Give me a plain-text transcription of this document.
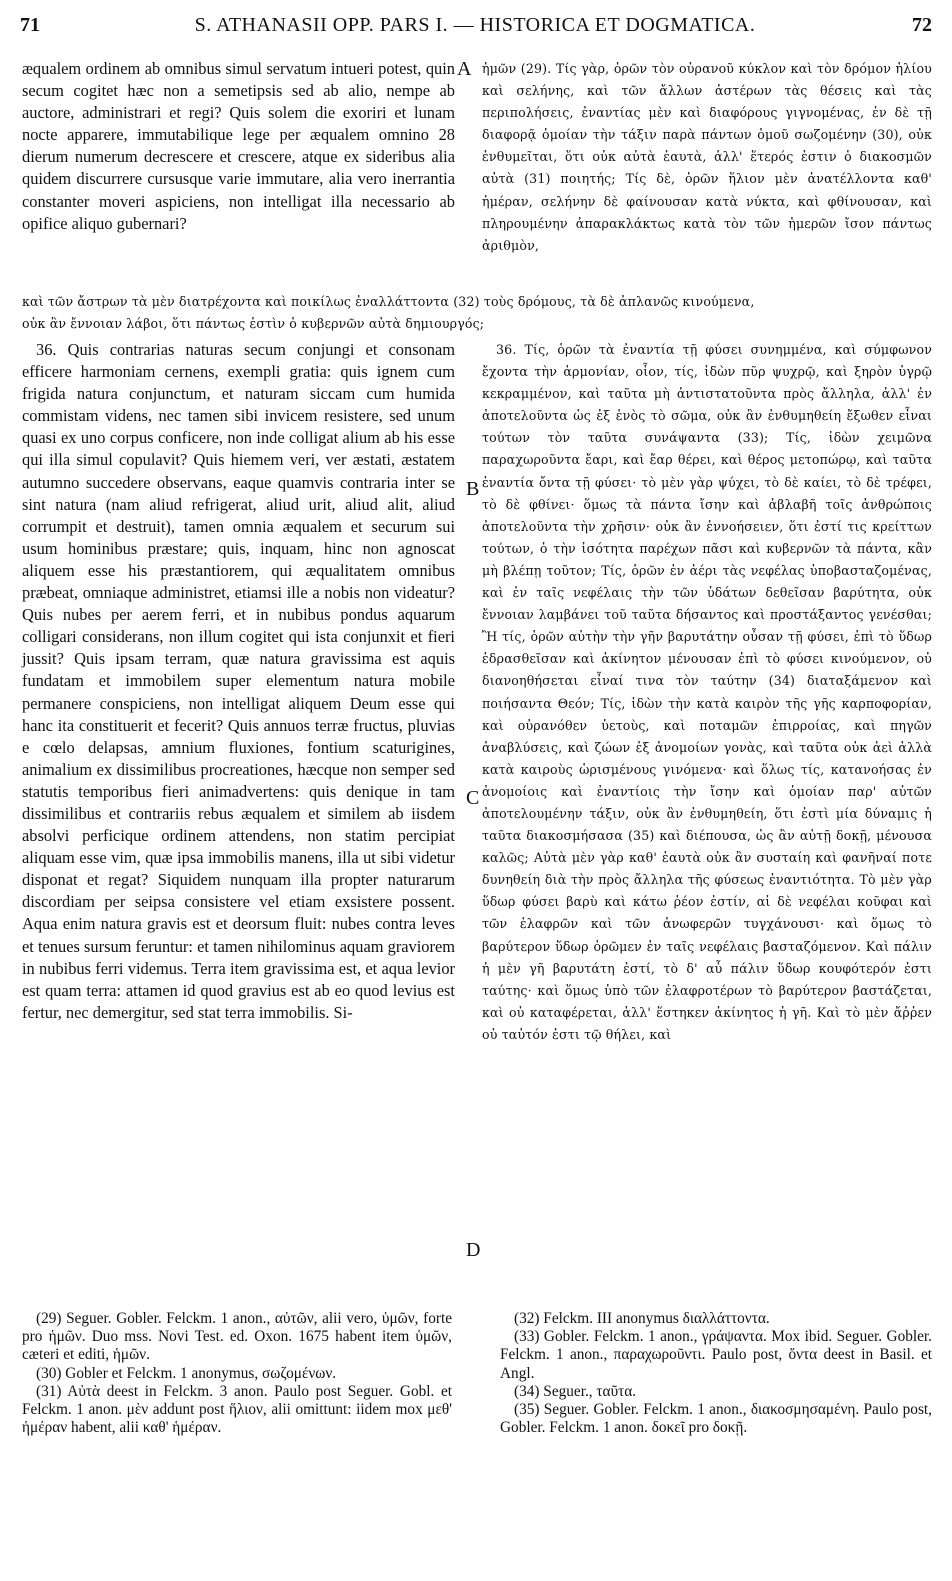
71	S. ATHANASII OPP. PARS I. — HISTORICA ET DOGMATICA.	72

æqualem ordinem ab omnibus simul servatum intueri potest, quin secum cogitet hæc non a semetipsis sed ab alio, nempe ab auctore, administrari et regi? Quis solem die exoriri et lunam nocte apparere, immutabilique lege per æqualem omnino 28 dierum numerum decrescere et crescere, atque ex sideribus alia quidem discurrere cursusque varie immutare, alia vero inerrantia constanter moveri aspiciens, non intelligat illa necessario ab opifice aliquo gubernari?

ἡμῶν (29). Τίς γὰρ, ὁρῶν τὸν οὐρανοῦ κύκλον καὶ τὸν δρόμον ἡλίου καὶ σελήνης, καὶ τῶν ἄλλων ἀστέρων τὰς θέσεις καὶ τὰς περιπολήσεις, ἐναντίας μὲν καὶ διαφόρους γιγνομένας, ἐν δὲ τῇ διαφορᾷ ὁμοίαν τὴν τάξιν παρὰ πάντων ὁμοῦ σωζομένην (30), οὐκ ἐνθυμεῖται, ὅτι οὐκ αὐτὰ ἑαυτὰ, ἀλλ' ἕτερός ἐστιν ὁ διακοσμῶν αὐτὰ (31) ποιητής; Τίς δὲ, ὁρῶν ἥλιον μὲν ἀνατέλλοντα καθ' ἡμέραν, σελήνην δὲ φαίνουσαν κατὰ νύκτα, καὶ φθίνουσαν, καὶ πληρουμένην ἀπαρακλάκτως κατὰ τὸν τῶν ἡμερῶν ἴσον πάντως ἀριθμὸν,

καὶ τῶν ἄστρων τὰ μὲν διατρέχοντα καὶ ποικίλως ἐναλλάττοντα (32) τοὺς δρόμους, τὰ δὲ ἀπλανῶς κινούμενα,
οὐκ ἂν ἔννοιαν λάβοι, ὅτι πάντως ἐστὶν ὁ κυβερνῶν αὐτὰ δημιουργός;

36. Quis contrarias naturas secum conjungi et consonam efficere harmoniam cernens, exempli gratia: quis ignem cum frigida natura conjunctum, et naturam siccam cum humida commistam videns, nec tamen sibi invicem resistere, sed unum quasi ex uno corpus conficere, non inde colligat alium ab his esse qui illa simul copulavit? Quis hiemem veri, ver æstati, æstatem autumno succedere observans, eaque quamvis contraria inter se sint natura (nam aliud refrigerat, aliud urit, aliud alit, aliud corrumpit et destruit), tamen omnia æqualem et securum sui usum hominibus præstare; quis, inquam, hinc non agnoscat aliquem esse his præstantiorem, qui æqualitatem omnibus præbeat, omniaque administret, etiamsi ille a nobis non videatur? Quis nubes per aerem ferri, et in nubibus pondus aquarum colligari considerans, non illum cogitet qui ista conjunxit et fieri jussit? Quis ipsam terram, quæ natura gravissima est aquis fundatam et immobilem super elementum natura mobile permanere conspiciens, non intelligat aliquem Deum esse qui hanc ita constituerit et fecerit? Quis annuos terræ fructus, pluvias e cœlo delapsas, amnium fluxiones, fontium scaturigines, animalium ex dissimilibus procreationes, hæcque non semper sed statutis temporibus fieri animadvertens: quis denique in tam dissimilibus et contrariis rebus æqualem et similem ab iisdem absolvi perficique ordinem attendens, non statim percipiat aliquam esse vim, quæ ipsa immobilis manens, illa ut sibi videtur disponat et regat? Siquidem nunquam illa propter naturarum discordiam per seipsa consistere vel etiam exsistere possent. Aqua enim natura gravis est et deorsum fluit: nubes contra leves et tenues sursum feruntur: et tamen nihilominus aquam graviorem in nubibus ferri videmus. Terra item gravissima est, et aqua levior est quam terra: attamen id quod gravius est ab eo quod levius est fertur, nec demergitur, sed stat terra immobilis. Si-

36. Τίς, ὁρῶν τὰ ἐναντία τῇ φύσει συνημμένα, καὶ σύμφωνον ἔχοντα τὴν ἁρμονίαν, οἷον, τίς, ἰδὼν πῦρ ψυχρῷ, καὶ ξηρὸν ὑγρῷ κεκραμμένον, καὶ ταῦτα μὴ ἀντιστατοῦντα πρὸς ἄλληλα, ἀλλ' ἐν ἀποτελοῦντα ὡς ἐξ ἑνὸς τὸ σῶμα, οὐκ ἂν ἐνθυμηθείη ἔξωθεν εἶναι τούτων τὸν ταῦτα συνάψαντα (33); Τίς, ἰδὼν χειμῶνα παραχωροῦντα ἔαρι, καὶ ἔαρ θέρει, καὶ θέρος μετοπώρῳ, καὶ ταῦτα ἐναντία ὄντα τῇ φύσει· τὸ μὲν γὰρ ψύχει, τὸ δὲ καίει, τὸ δὲ τρέφει, τὸ δὲ φθίνει· ὅμως τὰ πάντα ἴσην καὶ ἀβλαβῆ τοῖς ἀνθρώποις ἀποτελοῦντα τὴν χρῆσιν· οὐκ ἂν ἐννοήσειεν, ὅτι ἐστί τις κρείττων τούτων, ὁ τὴν ἰσότητα παρέχων πᾶσι καὶ κυβερνῶν τὰ πάντα, κἂν μὴ βλέπῃ τοῦτον; Τίς, ὁρῶν ἐν ἀέρι τὰς νεφέλας ὑποβασταζομένας, καὶ ἐν ταῖς νεφέλαις τὴν τῶν ὑδάτων δεθεῖσαν βαρύτητα, οὐκ ἔννοιαν λαμβάνει τοῦ ταῦτα δήσαντος καὶ προστάξαντος γενέσθαι; Ἢ τίς, ὁρῶν αὐτὴν τὴν γῆν βαρυτάτην οὖσαν τῇ φύσει, ἐπὶ τὸ ὕδωρ ἑδρασθεῖσαν καὶ ἀκίνητον μένουσαν ἐπὶ τὸ φύσει κινούμενον, οὐ διανοηθήσεται εἶναί τινα τὸν ταύτην (34) διαταξάμενον καὶ ποιήσαντα Θεόν; Τίς, ἰδὼν τὴν κατὰ καιρὸν τῆς γῆς καρποφορίαν, καὶ οὐρανόθεν ὑετοὺς, καὶ ποταμῶν ἐπιρροίας, καὶ πηγῶν ἀναβλύσεις, καὶ ζώων ἐξ ἀνομοίων γονὰς, καὶ ταῦτα οὐκ ἀεὶ ἀλλὰ κατὰ καιροὺς ὡρισμένους γινόμενα· καὶ ὅλως τίς, κατανοήσας ἐν ἀνομοίοις καὶ ἐναντίοις τὴν ἴσην καὶ ὁμοίαν παρ' αὐτῶν ἀποτελουμένην τάξιν, οὐκ ἂν ἐνθυμηθείη, ὅτι ἐστὶ μία δύναμις ἡ ταῦτα διακοσμήσασα (35) καὶ διέπουσα, ὡς ἂν αὐτῇ δοκῇ, μένουσα καλῶς; Αὐτὰ μὲν γὰρ καθ' ἑαυτὰ οὐκ ἂν συσταίη καὶ φανῆναί ποτε δυνηθείη διὰ τὴν πρὸς ἄλληλα τῆς φύσεως ἐναντιότητα. Τὸ μὲν γὰρ ὕδωρ φύσει βαρὺ καὶ κάτω ῥέον ἐστίν, αἱ δὲ νεφέλαι κοῦφαι καὶ τῶν ἐλαφρῶν καὶ τῶν ἀνωφερῶν τυγχάνουσι· καὶ ὅμως τὸ βαρύτερον ὕδωρ ὁρῶμεν ἐν ταῖς νεφέλαις βασταζόμενον. Καὶ πάλιν ἡ μὲν γῆ βαρυτάτη ἐστί, τὸ δ' αὖ πάλιν ὕδωρ κουφότερόν ἐστι ταύτης· καὶ ὅμως ὑπὸ τῶν ἐλαφροτέρων τὸ βαρύτερον βαστάζεται, καὶ οὐ καταφέρεται, ἀλλ' ἕστηκεν ἀκίνητος ἡ γῆ. Καὶ τὸ μὲν ἄῤῥεν οὐ ταὐτόν ἐστι τῷ θήλει, καὶ

A
B
C
D

(29) Seguer. Gobler. Felckm. 1 anon., αὐτῶν, alii vero, ὑμῶν, forte pro ἡμῶν. Duo mss. Novi Test. ed. Oxon. 1675 habent item ὑμῶν, cæteri et editi, ἡμῶν.

(30) Gobler et Felckm. 1 anonymus, σωζομένων.

(31) Αὐτὰ deest in Felckm. 3 anon. Paulo post Seguer. Gobl. et Felckm. 1 anon. μὲν addunt post ἥλιον, alii omittunt: iidem mox μεθ' ἡμέραν habent, alii καθ' ἡμέραν.

(32) Felckm. III anonymus διαλλάττοντα.

(33) Gobler. Felckm. 1 anon., γράψαντα. Mox ibid. Seguer. Gobler. Felckm. 1 anon., παραχωροῦντι. Paulo post, ὄντα deest in Basil. et Angl.

(34) Seguer., ταῦτα.

(35) Seguer. Gobler. Felckm. 1 anon., διακοσμησαμένη. Paulo post, Gobler. Felckm. 1 anon. δοκεῖ pro δοκῇ.
